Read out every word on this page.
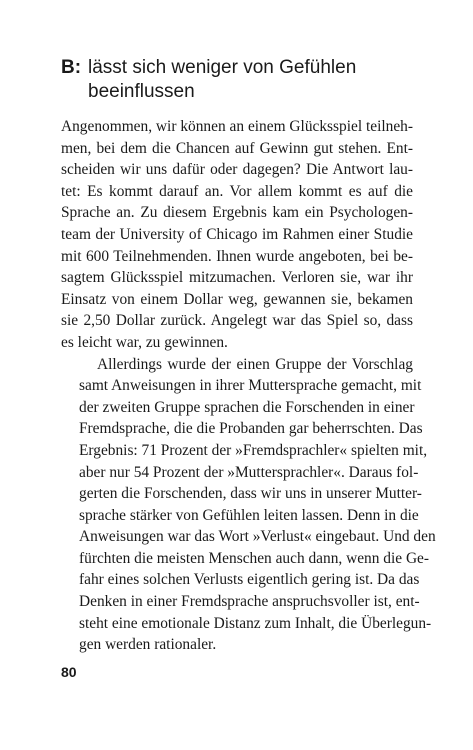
B: lässt sich weniger von Gefühlen
beeinflussen

Angenommen, wir können an einem Glücksspiel teilneh-
men, bei dem die Chancen auf Gewinn gut stehen. Ent-
scheiden wir uns dafür oder dagegen? Die Antwort lau-
tet: Es kommt darauf an. Vor allem kommt es auf die
Sprache an. Zu diesem Ergebnis kam ein Psychologen-
team der University of Chicago im Rahmen einer Studie
mit 600 Teilnehmenden. Ihnen wurde angeboten, bei be-
sagtem Glücksspiel mitzumachen. Verloren sie, war ihr
Einsatz von einem Dollar weg, gewannen sie, bekamen
sie 2,50 Dollar zurück. Angelegt war das Spiel so, dass
es leicht war, zu gewinnen.

Allerdings wurde der einen Gruppe der Vorschlag
samt Anweisungen in ihrer Muttersprache gemacht, mit
der zweiten Gruppe sprachen die Forschenden in einer
Fremdsprache, die die Probanden gar beherrschten. Das
Ergebnis: 71 Prozent der »Fremdsprachler« spielten mit,
aber nur 54 Prozent der »Muttersprachler«. Daraus fol-
gerten die Forschenden, dass wir uns in unserer Mutter-
sprache stärker von Gefühlen leiten lassen. Denn in die
Anweisungen war das Wort »Verlust« eingebaut. Und den
fürchten die meisten Menschen auch dann, wenn die Ge-
fahr eines solchen Verlusts eigentlich gering ist. Da das
Denken in einer Fremdsprache anspruchsvoller ist, ent-
steht eine emotionale Distanz zum Inhalt, die Überlegun-
gen werden rationaler.

80
